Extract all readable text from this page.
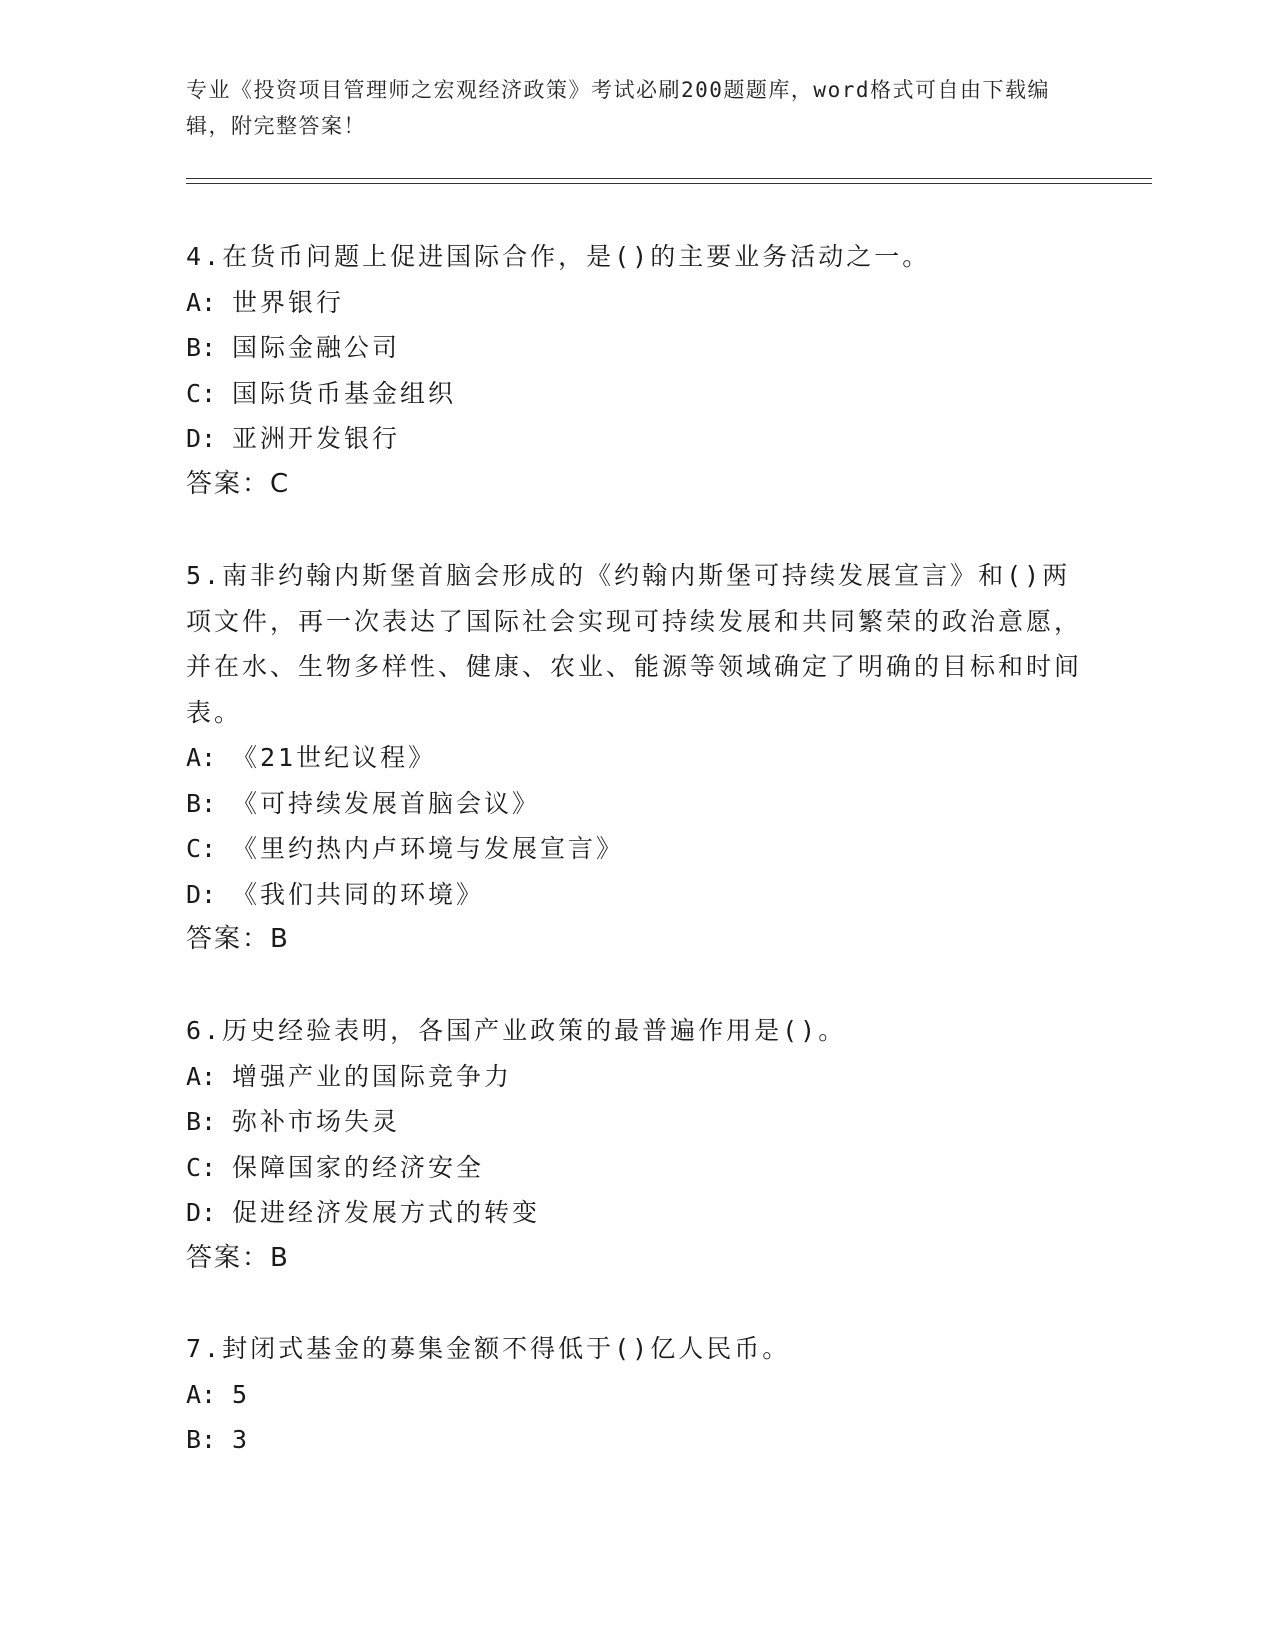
专业《投资项目管理师之宏观经济政策》考试必刷200题题库，word格式可自由下载编辑，附完整答案！

4.在货币问题上促进国际合作，是()的主要业务活动之一。

A: 世界银行

B: 国际金融公司

C: 国际货币基金组织

D: 亚洲开发银行

答案：C

5.南非约翰内斯堡首脑会形成的《约翰内斯堡可持续发展宣言》和()两项文件，再一次表达了国际社会实现可持续发展和共同繁荣的政治意愿，并在水、生物多样性、健康、农业、能源等领域确定了明确的目标和时间表。

A: 《21世纪议程》

B: 《可持续发展首脑会议》

C: 《里约热内卢环境与发展宣言》

D: 《我们共同的环境》

答案：B

6.历史经验表明，各国产业政策的最普遍作用是()。

A: 增强产业的国际竞争力

B: 弥补市场失灵

C: 保障国家的经济安全

D: 促进经济发展方式的转变

答案：B

7.封闭式基金的募集金额不得低于()亿人民币。

A: 5

B: 3
